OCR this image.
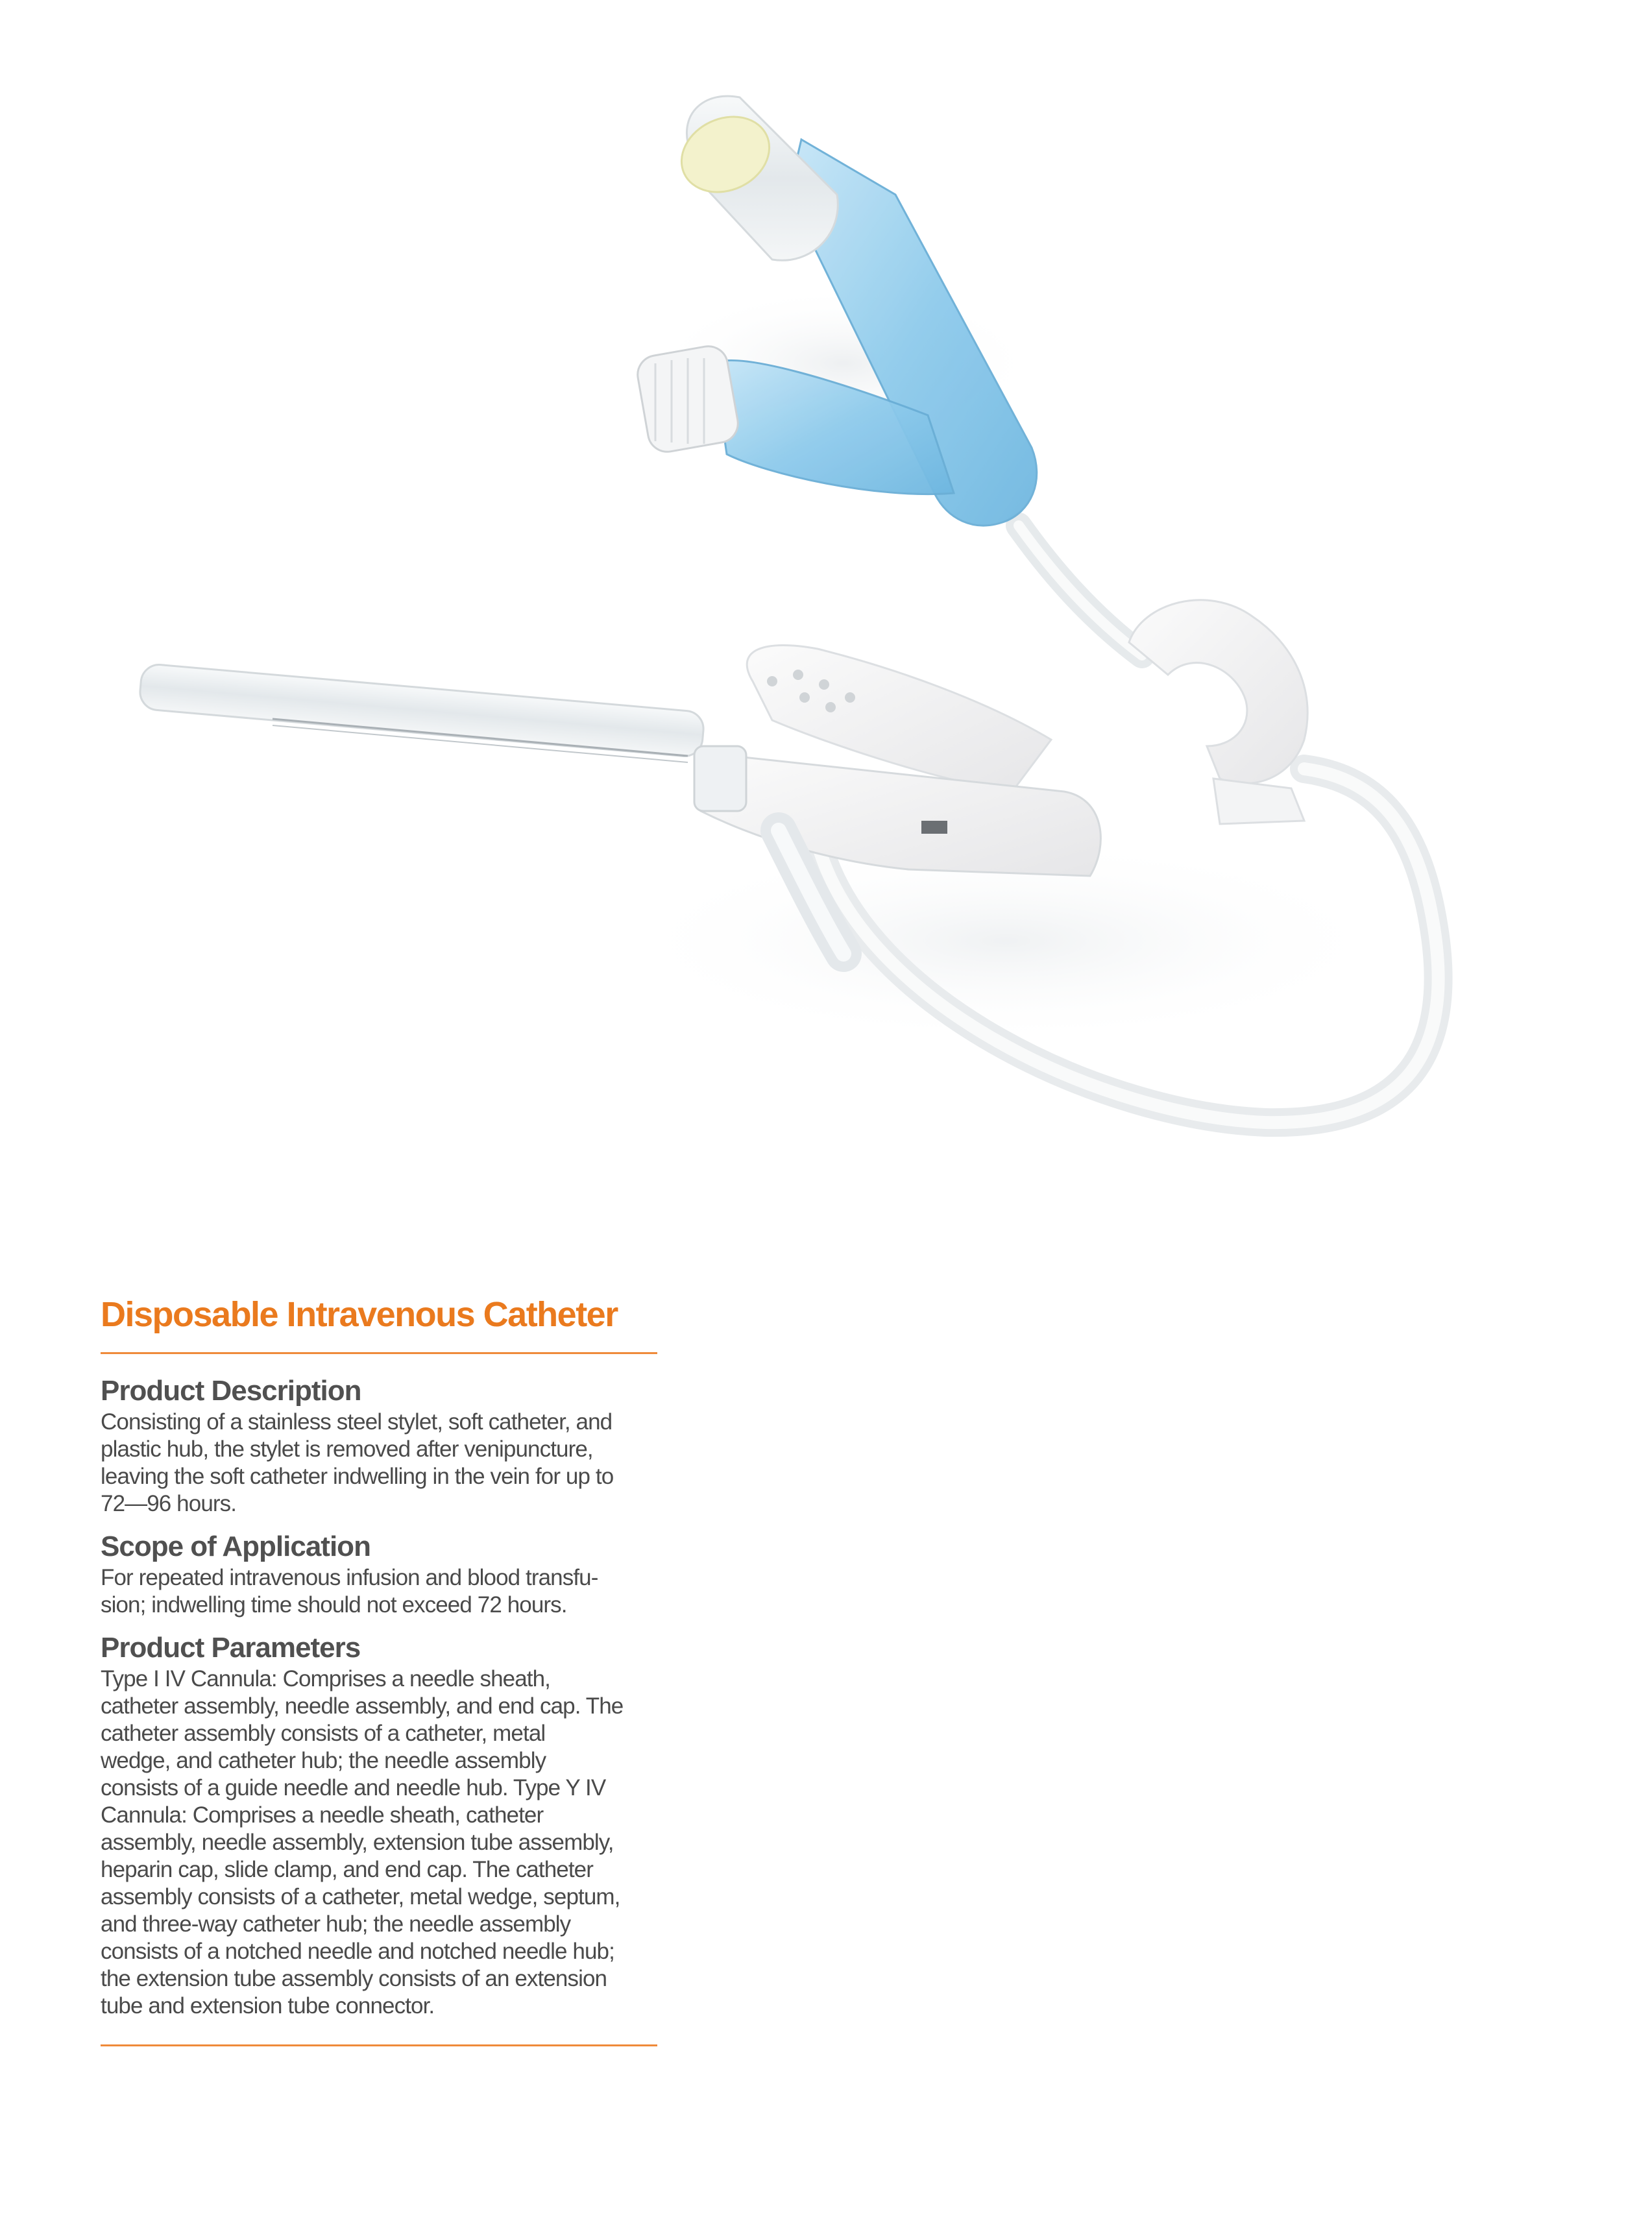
Disposable Intravenous Catheter
Product Description

Consisting of a stainless steel stylet, soft catheter, and
plastic hub, the stylet is removed after venipuncture,
leaving the soft catheter indwelling in the vein for up to
72—96 hours.

Scope of Application

For repeated intravenous infusion and blood transfu-
sion; indwelling time should not exceed 72 hours.

Product Parameters

Type I IV Cannula: Comprises a needle sheath,
catheter assembly, needle assembly, and end cap. The
catheter assembly consists of a catheter, metal
wedge, and catheter hub; the needle assembly
consists of a guide needle and needle hub. Type Y IV
Cannula: Comprises a needle sheath, catheter
assembly, needle assembly, extension tube assembly,
heparin cap, slide clamp, and end cap. The catheter
assembly consists of a catheter, metal wedge, septum,
and three-way catheter hub; the needle assembly
consists of a notched needle and notched needle hub;
the extension tube assembly consists of an extension
tube and extension tube connector.
